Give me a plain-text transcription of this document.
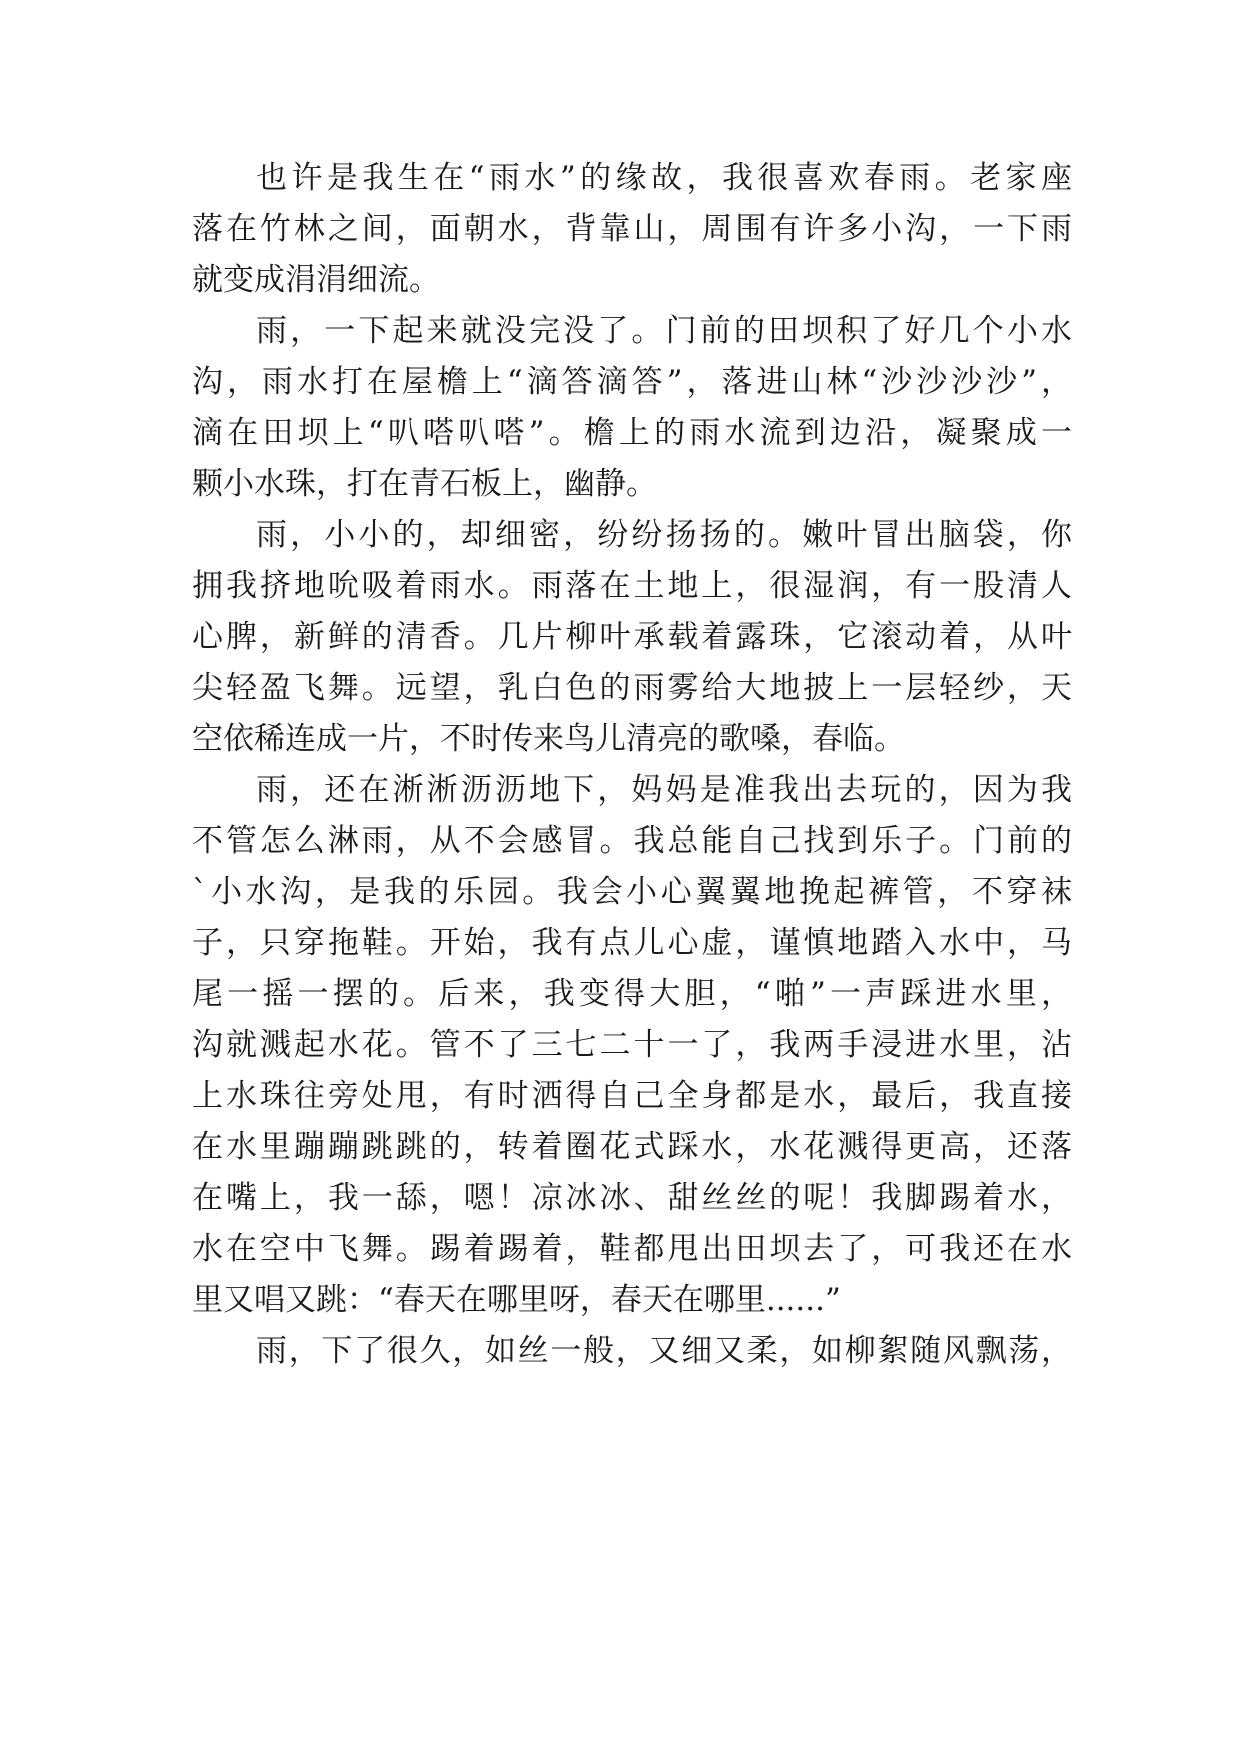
也许是我生在“雨水”的缘故，我很喜欢春雨。老家座
落在竹林之间，面朝水，背靠山，周围有许多小沟，一下雨
就变成涓涓细流。
雨，一下起来就没完没了。门前的田坝积了好几个小水
沟，雨水打在屋檐上“滴答滴答”，落进山林“沙沙沙沙”，
滴在田坝上“叭嗒叭嗒”。檐上的雨水流到边沿，凝聚成一
颗小水珠，打在青石板上，幽静。
雨，小小的，却细密，纷纷扬扬的。嫩叶冒出脑袋，你
拥我挤地吮吸着雨水。雨落在土地上，很湿润，有一股清人
心脾，新鲜的清香。几片柳叶承载着露珠，它滚动着，从叶
尖轻盈飞舞。远望，乳白色的雨雾给大地披上一层轻纱，天
空依稀连成一片，不时传来鸟儿清亮的歌嗓，春临。
雨，还在淅淅沥沥地下，妈妈是准我出去玩的，因为我
不管怎么淋雨，从不会感冒。我总能自己找到乐子。门前的
`小水沟，是我的乐园。我会小心翼翼地挽起裤管，不穿袜
子，只穿拖鞋。开始，我有点儿心虚，谨慎地踏入水中，马
尾一摇一摆的。后来，我变得大胆，“啪”一声踩进水里，
沟就溅起水花。管不了三七二十一了，我两手浸进水里，沾
上水珠往旁处甩，有时洒得自己全身都是水，最后，我直接
在水里蹦蹦跳跳的，转着圈花式踩水，水花溅得更高，还落
在嘴上，我一舔，嗯！凉冰冰、甜丝丝的呢！我脚踢着水，
水在空中飞舞。踢着踢着，鞋都甩出田坝去了，可我还在水
里又唱又跳：“春天在哪里呀，春天在哪里......”
雨，下了很久，如丝一般，又细又柔，如柳絮随风飘荡，
